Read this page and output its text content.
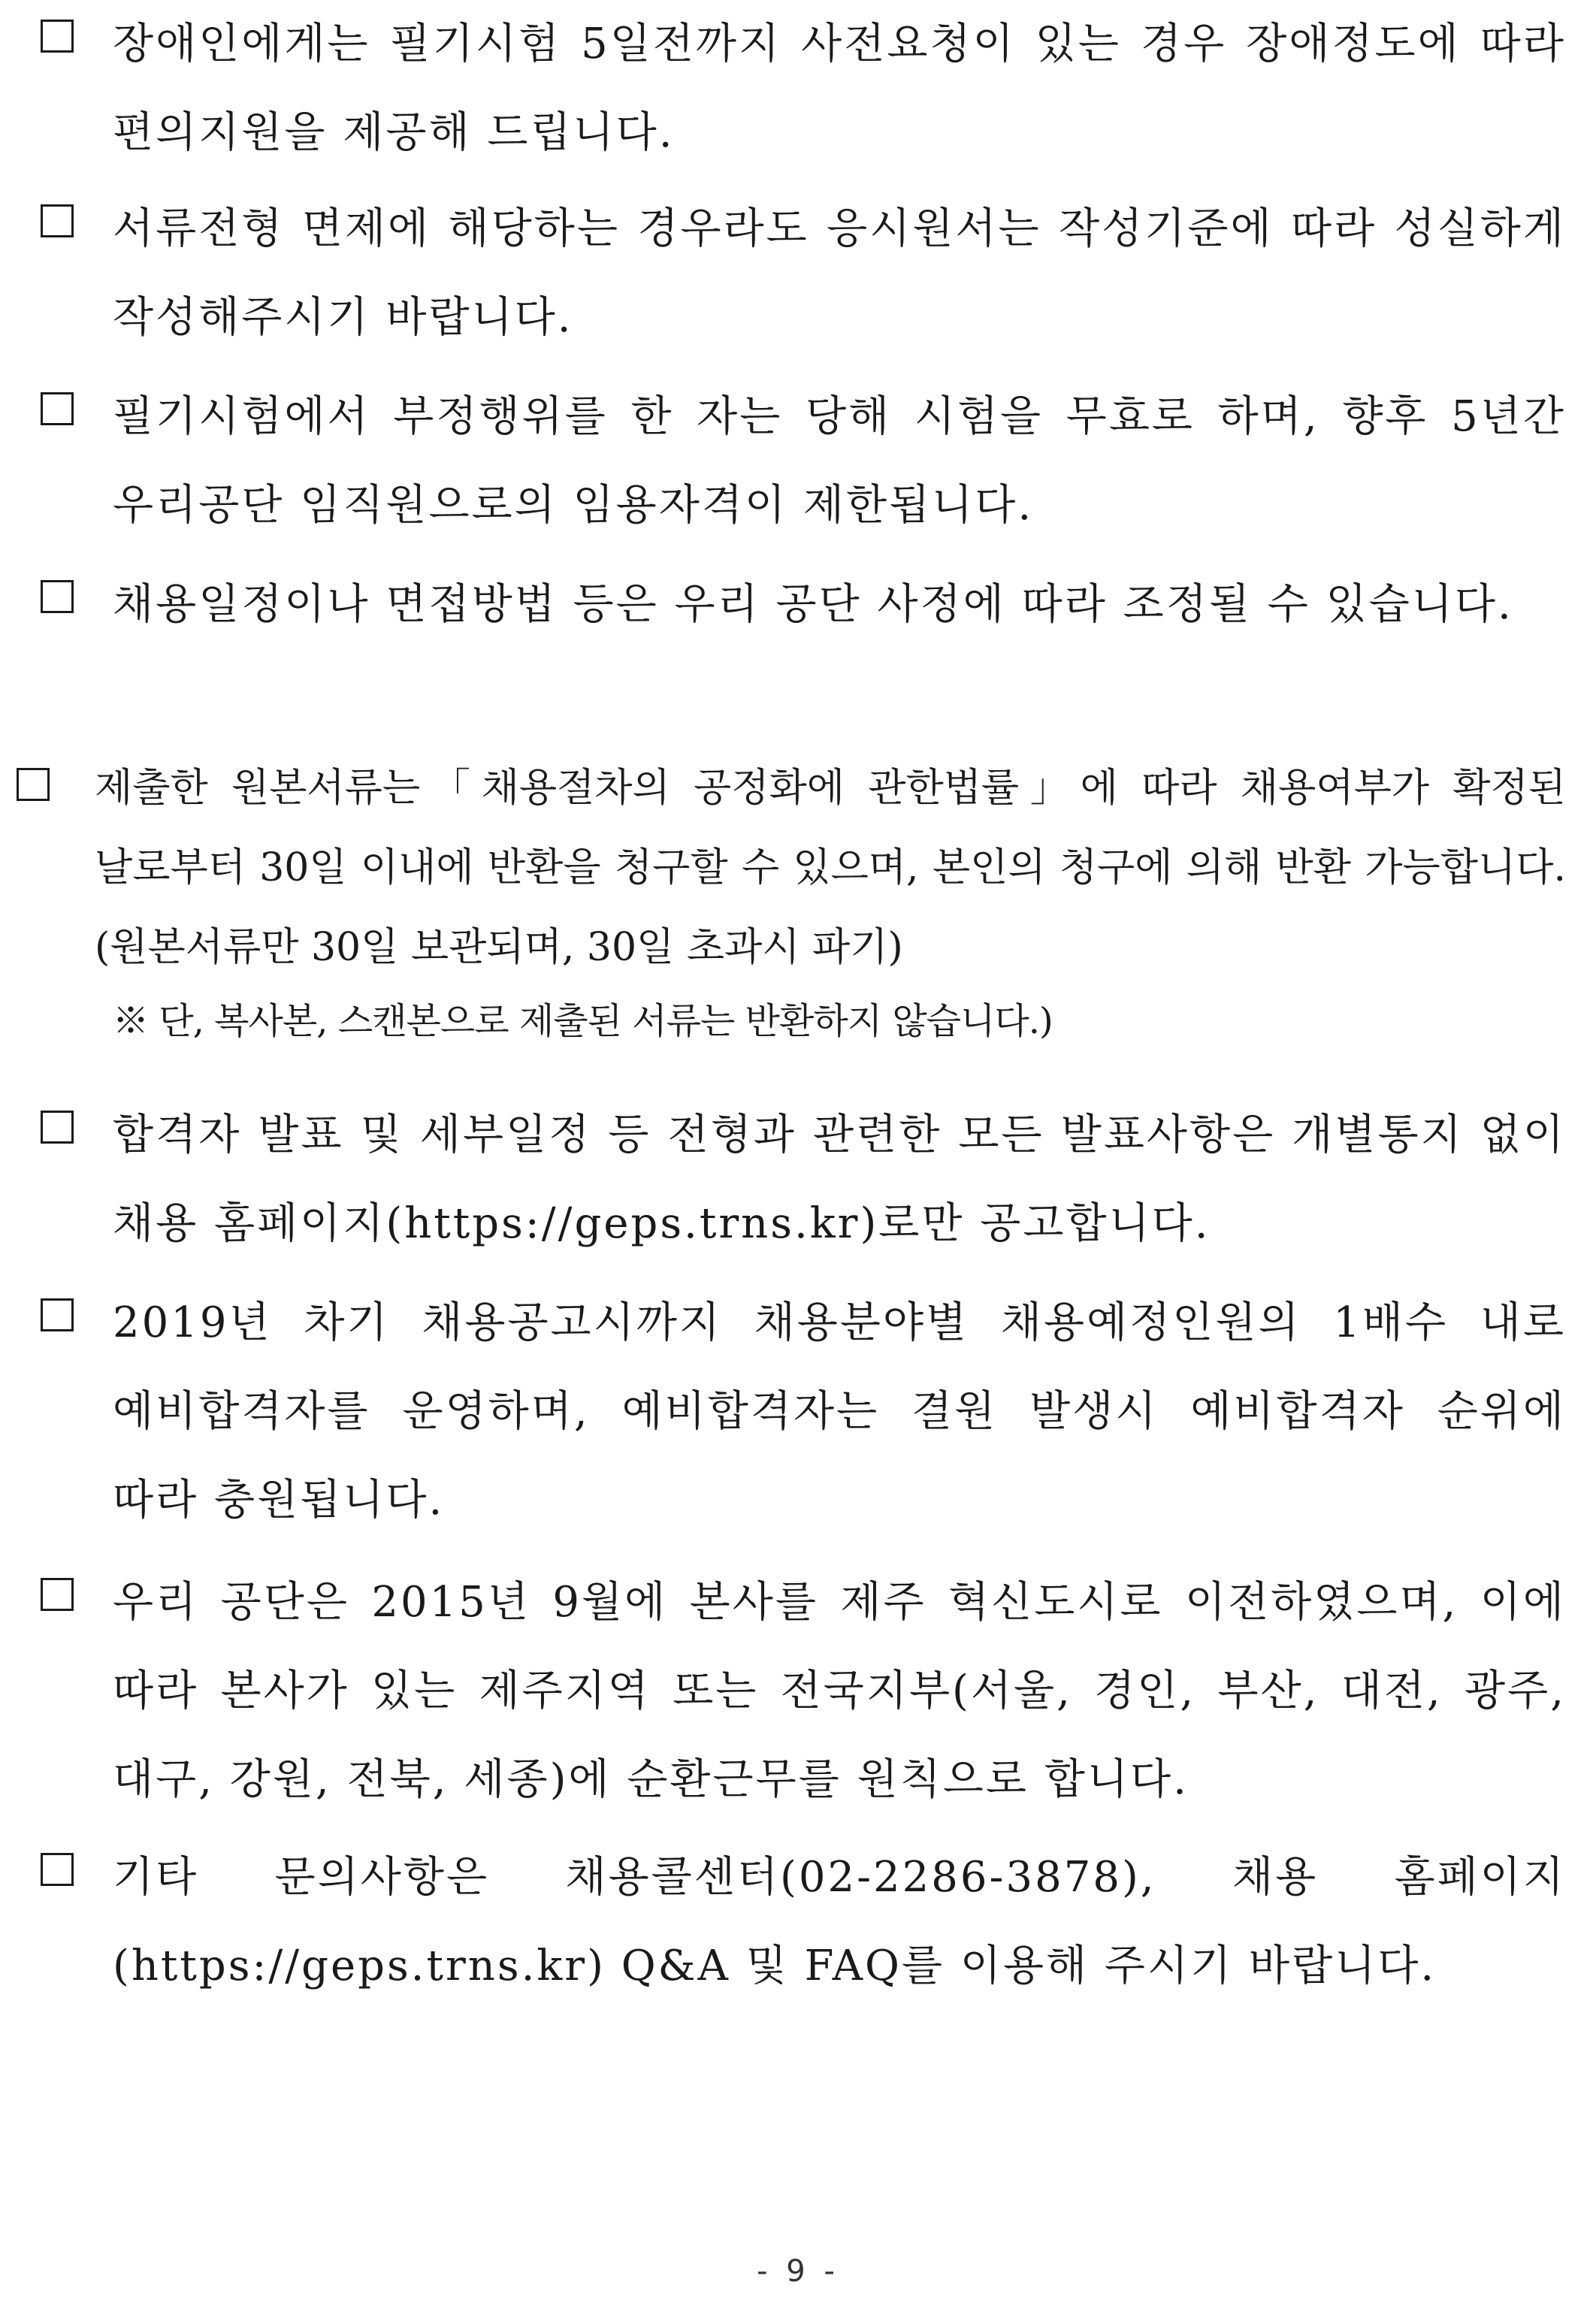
장애인에게는 필기시험 5일전까지 사전요청이 있는 경우 장애정도에 따라 편의지원을 제공해 드립니다.

서류전형 면제에 해당하는 경우라도 응시원서는 작성기준에 따라 성실하게 작성해주시기 바랍니다.

필기시험에서 부정행위를 한 자는 당해 시험을 무효로 하며, 향후 5년간 우리공단 임직원으로의 임용자격이 제한됩니다.

채용일정이나 면접방법 등은 우리 공단 사정에 따라 조정될 수 있습니다.

제출한 원본서류는「채용절차의 공정화에 관한법률」에 따라 채용여부가 확정된 날로부터 30일 이내에 반환을 청구할 수 있으며, 본인의 청구에 의해 반환 가능합니다. (원본서류만 30일 보관되며, 30일 초과시 파기)

※ 단, 복사본, 스캔본으로 제출된 서류는 반환하지 않습니다.)

합격자 발표 및 세부일정 등 전형과 관련한 모든 발표사항은 개별통지 없이 채용 홈페이지(https://geps.trns.kr)로만 공고합니다.

2019년 차기 채용공고시까지 채용분야별 채용예정인원의 1배수 내로 예비합격자를 운영하며, 예비합격자는 결원 발생시 예비합격자 순위에 따라 충원됩니다.

우리 공단은 2015년 9월에 본사를 제주 혁신도시로 이전하였으며, 이에 따라 본사가 있는 제주지역 또는 전국지부(서울, 경인, 부산, 대전, 광주, 대구, 강원, 전북, 세종)에 순환근무를 원칙으로 합니다.

기타 문의사항은 채용콜센터(02-2286-3878), 채용 홈페이지(https://geps.trns.kr) Q&A 및 FAQ를 이용해 주시기 바랍니다.

- 9 -
